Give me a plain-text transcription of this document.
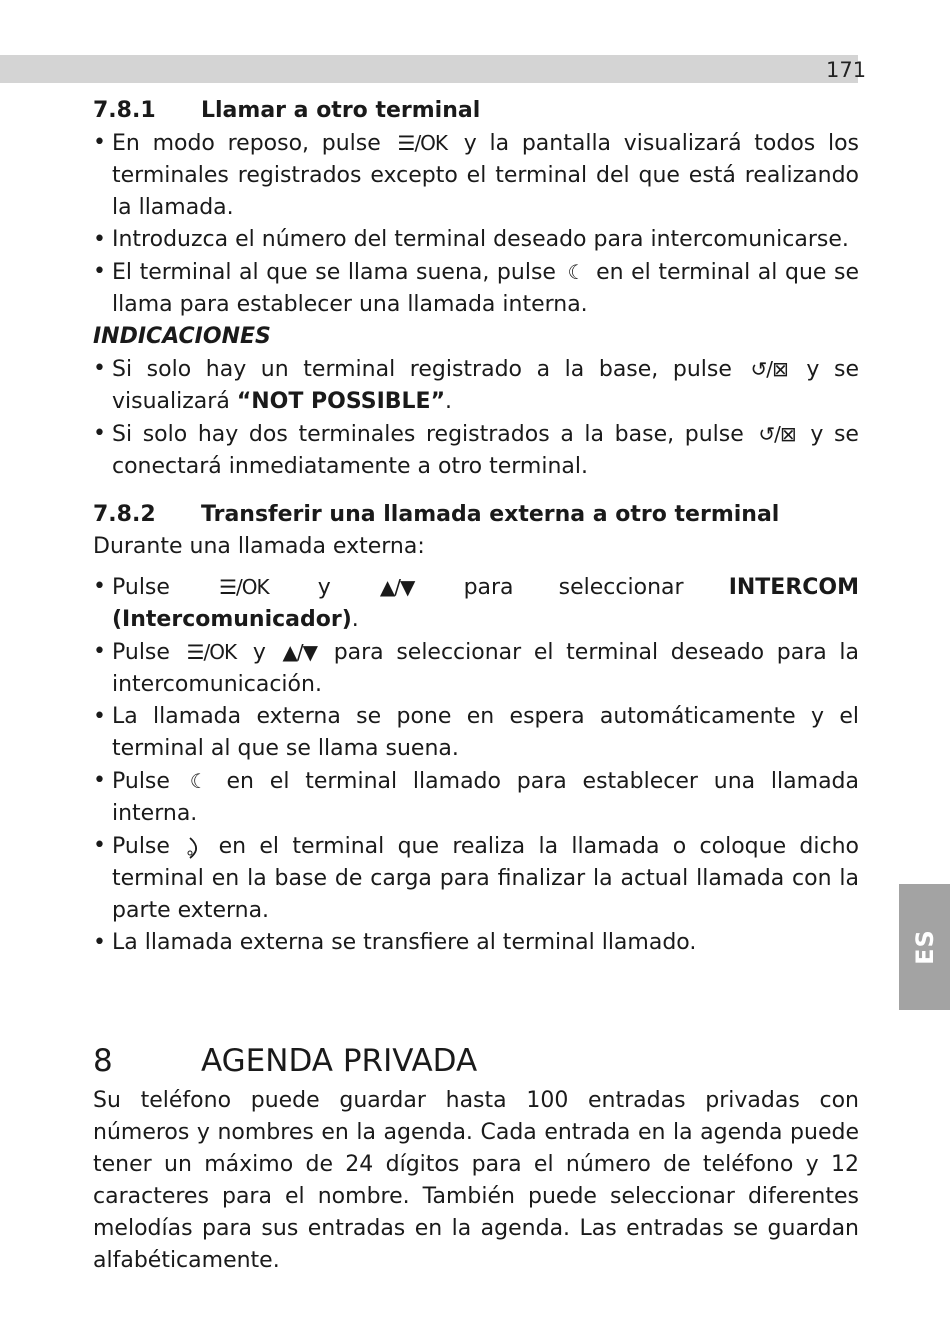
171
ES
7.8.1	Llamar a otro terminal
• En modo reposo, pulse ☰/OK y la pantalla visualizará todos los terminales registrados excepto el terminal del que está realizando la llamada.
• Introduzca el número del terminal deseado para intercomunicarse.
• El terminal al que se llama suena, pulse ☾ en el terminal al que se llama para establecer una llamada interna.

INDICACIONES

• Si solo hay un terminal registrado a la base, pulse ↺/⊠ y se visualizará “NOT POSSIBLE”.
• Si solo hay dos terminales registrados a la base, pulse ↺/⊠ y se conectará inmediatamente a otro terminal.
7.8.2	Transferir una llamada externa a otro terminal

Durante una llamada externa:

• Pulse ☰/OK y ▲/▼ para seleccionar INTERCOM (Intercomunicador).
• Pulse ☰/OK y ▲/▼ para seleccionar el terminal deseado para la intercomunicación.
• La llamada externa se pone en espera automáticamente y el terminal al que se llama suena.
• Pulse ☾ en el terminal llamado para establecer una llamada interna.
• Pulse en el terminal que realiza la llamada o coloque dicho terminal en la base de carga para finalizar la actual llamada con la parte externa.
• La llamada externa se transfiere al terminal llamado.
8	AGENDA PRIVADA

Su teléfono puede guardar hasta 100 entradas privadas con números y nombres en la agenda. Cada entrada en la agenda puede tener un máximo de 24 dígitos para el número de teléfono y 12 caracteres para el nombre. También puede seleccionar diferentes melodías para sus entradas en la agenda. Las entradas se guardan alfabéticamente.
